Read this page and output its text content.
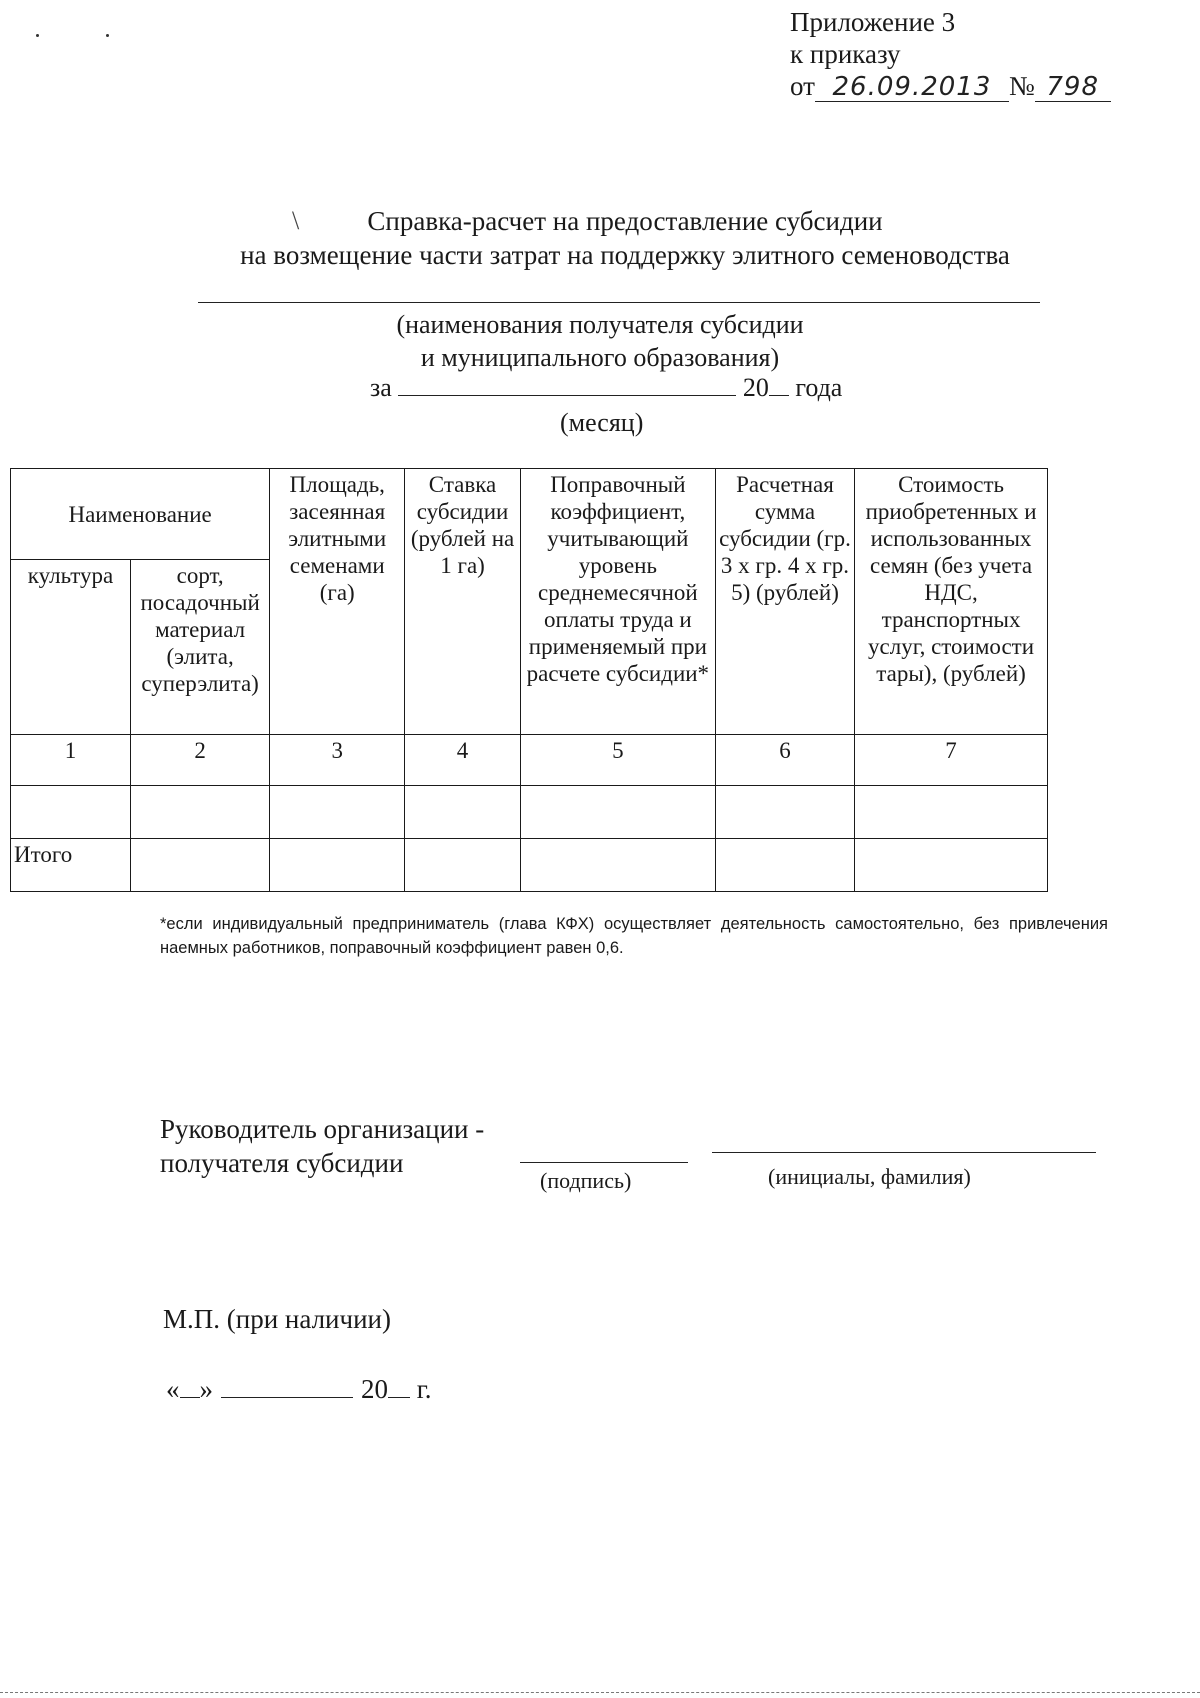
Приложение 3
к приказу
от 26.09.2013 № 798
\	Справка-расчет на предоставление субсидии
на возмещение части затрат на поддержку элитного семеноводства
(наименования получателя субсидии
и муниципального образования)
за	20 года
(месяц)
Наименование		Площадь, засеянная элитными семенами (га)	Ставка субсидии (рублей на 1 га)	Поправочный коэффициент, учитывающий уровень среднемесячной оплаты труда и применяемый при расчете субсидии*	Расчетная сумма субсидии (гр. 3 х гр. 4 х гр. 5) (рублей)	Стоимость приобретенных и использованных семян (без учета НДС, транспортных услуг, стоимости тары), (рублей)
культура	сорт, посадочный материал (элита, суперэлита)					
1	2	3	4	5	6	7

Итого						
*если индивидуальный предприниматель (глава КФХ) осуществляет деятельность самостоятельно, без привлечения наемных работников, поправочный коэффициент равен 0,6.
Руководитель организации -
получателя субсидии
(подпись)	(инициалы, фамилия)
М.П. (при наличии)
« »	20 г.
